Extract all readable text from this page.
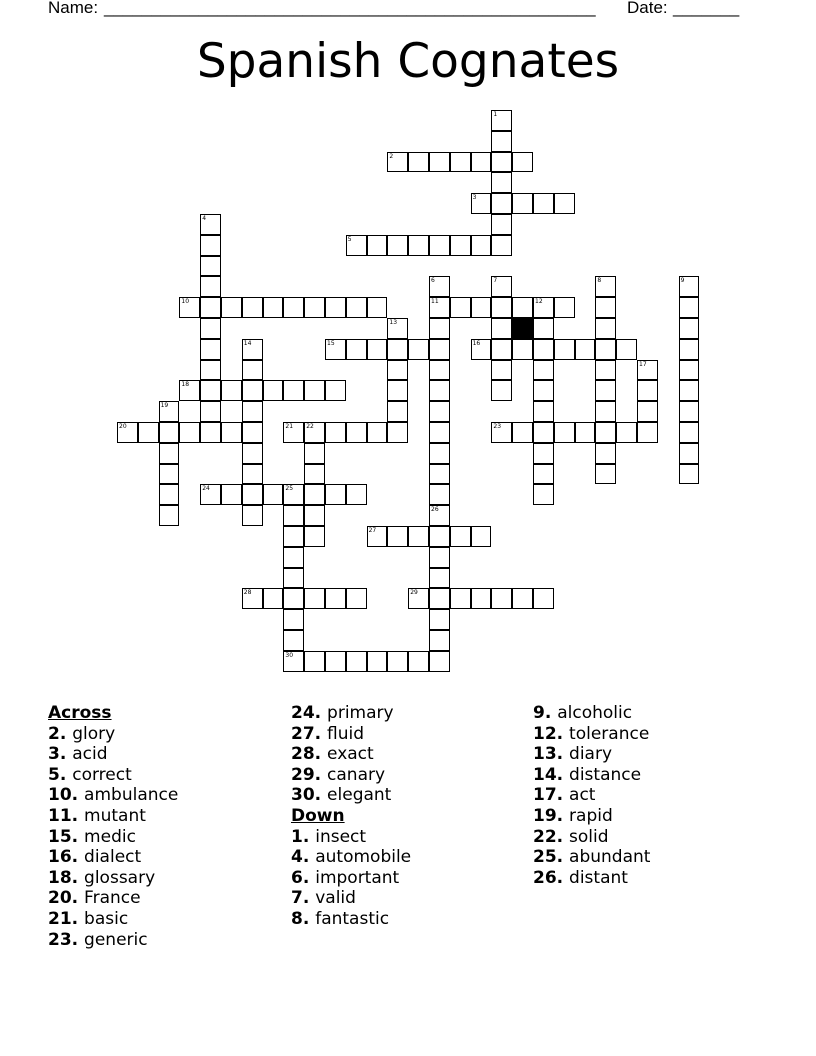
Name: ____________________________________________________ Date: _______
Spanish Cognates
1
2
3
4
5
6
11
7	8	9
10	12
13
14	15	16
17
18
19
20	21 22	23
24	25
30
26
27
28	29
Across
2. glory
3. acid
5. correct
10. ambulance
11. mutant
15. medic
16. dialect
18. glossary
20. France
21. basic
23. generic
24. primary
27. fluid
28. exact
29. canary
30. elegant
Down
1. insect
4. automobile
6. important
7. valid
8. fantastic
9. alcoholic
12. tolerance
13. diary
14. distance
17. act
19. rapid
22. solid
25. abundant
26. distant
